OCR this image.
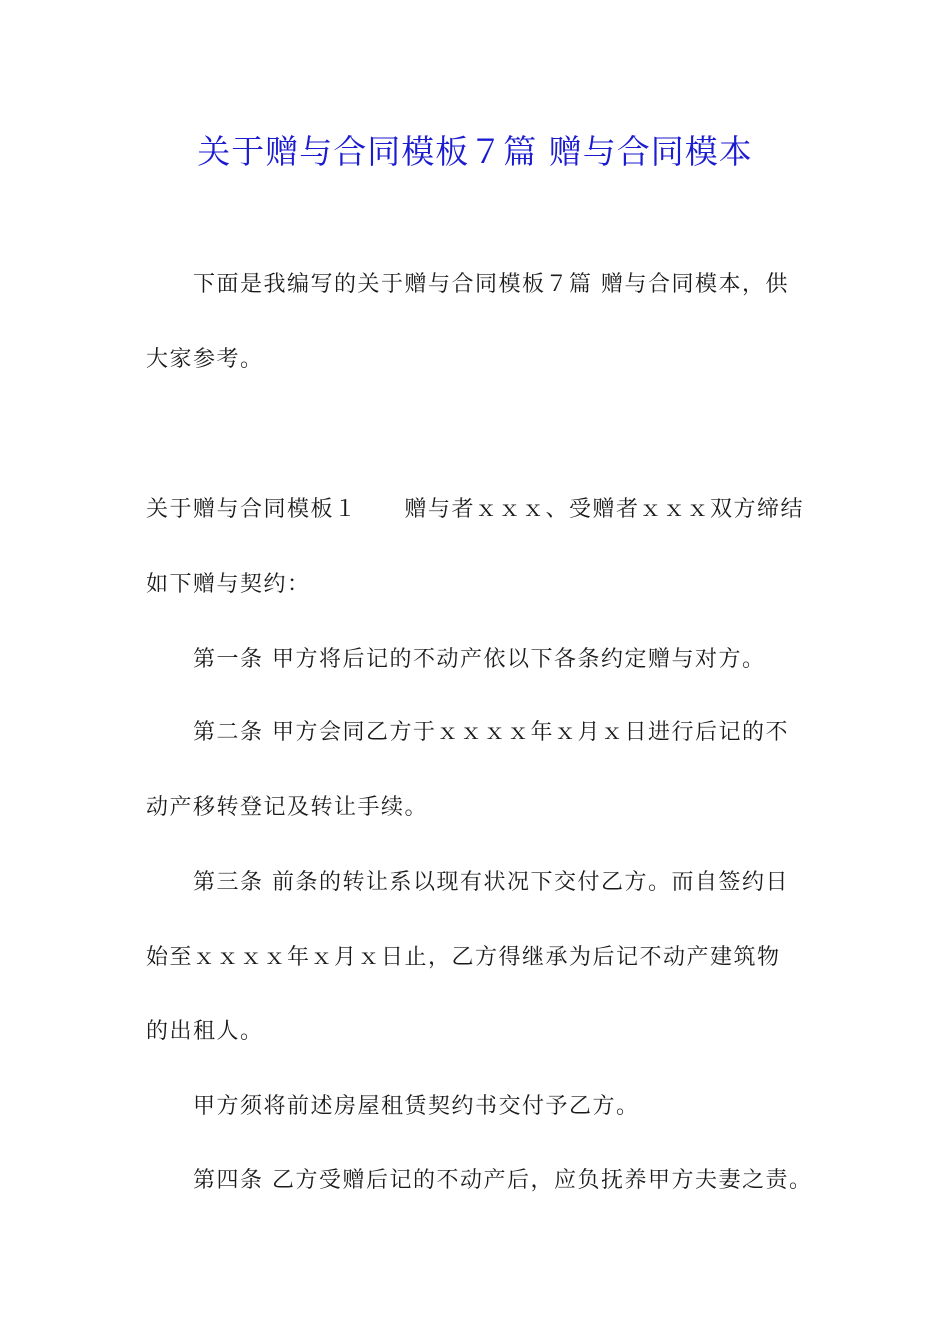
关于赠与合同模板７篇 赠与合同模本
下面是我编写的关于赠与合同模板７篇 赠与合同模本，供
大家参考。
关于赠与合同模板１　　赠与者ｘｘｘ、受赠者ｘｘｘ双方缔结
如下赠与契约：
第一条 甲方将后记的不动产依以下各条约定赠与对方。
第二条 甲方会同乙方于ｘｘｘｘ年ｘ月ｘ日进行后记的不
动产移转登记及转让手续。
第三条 前条的转让系以现有状况下交付乙方。而自签约日
始至ｘｘｘｘ年ｘ月ｘ日止，乙方得继承为后记不动产建筑物
的出租人。
甲方须将前述房屋租赁契约书交付予乙方。
第四条 乙方受赠后记的不动产后，应负抚养甲方夫妻之责。
